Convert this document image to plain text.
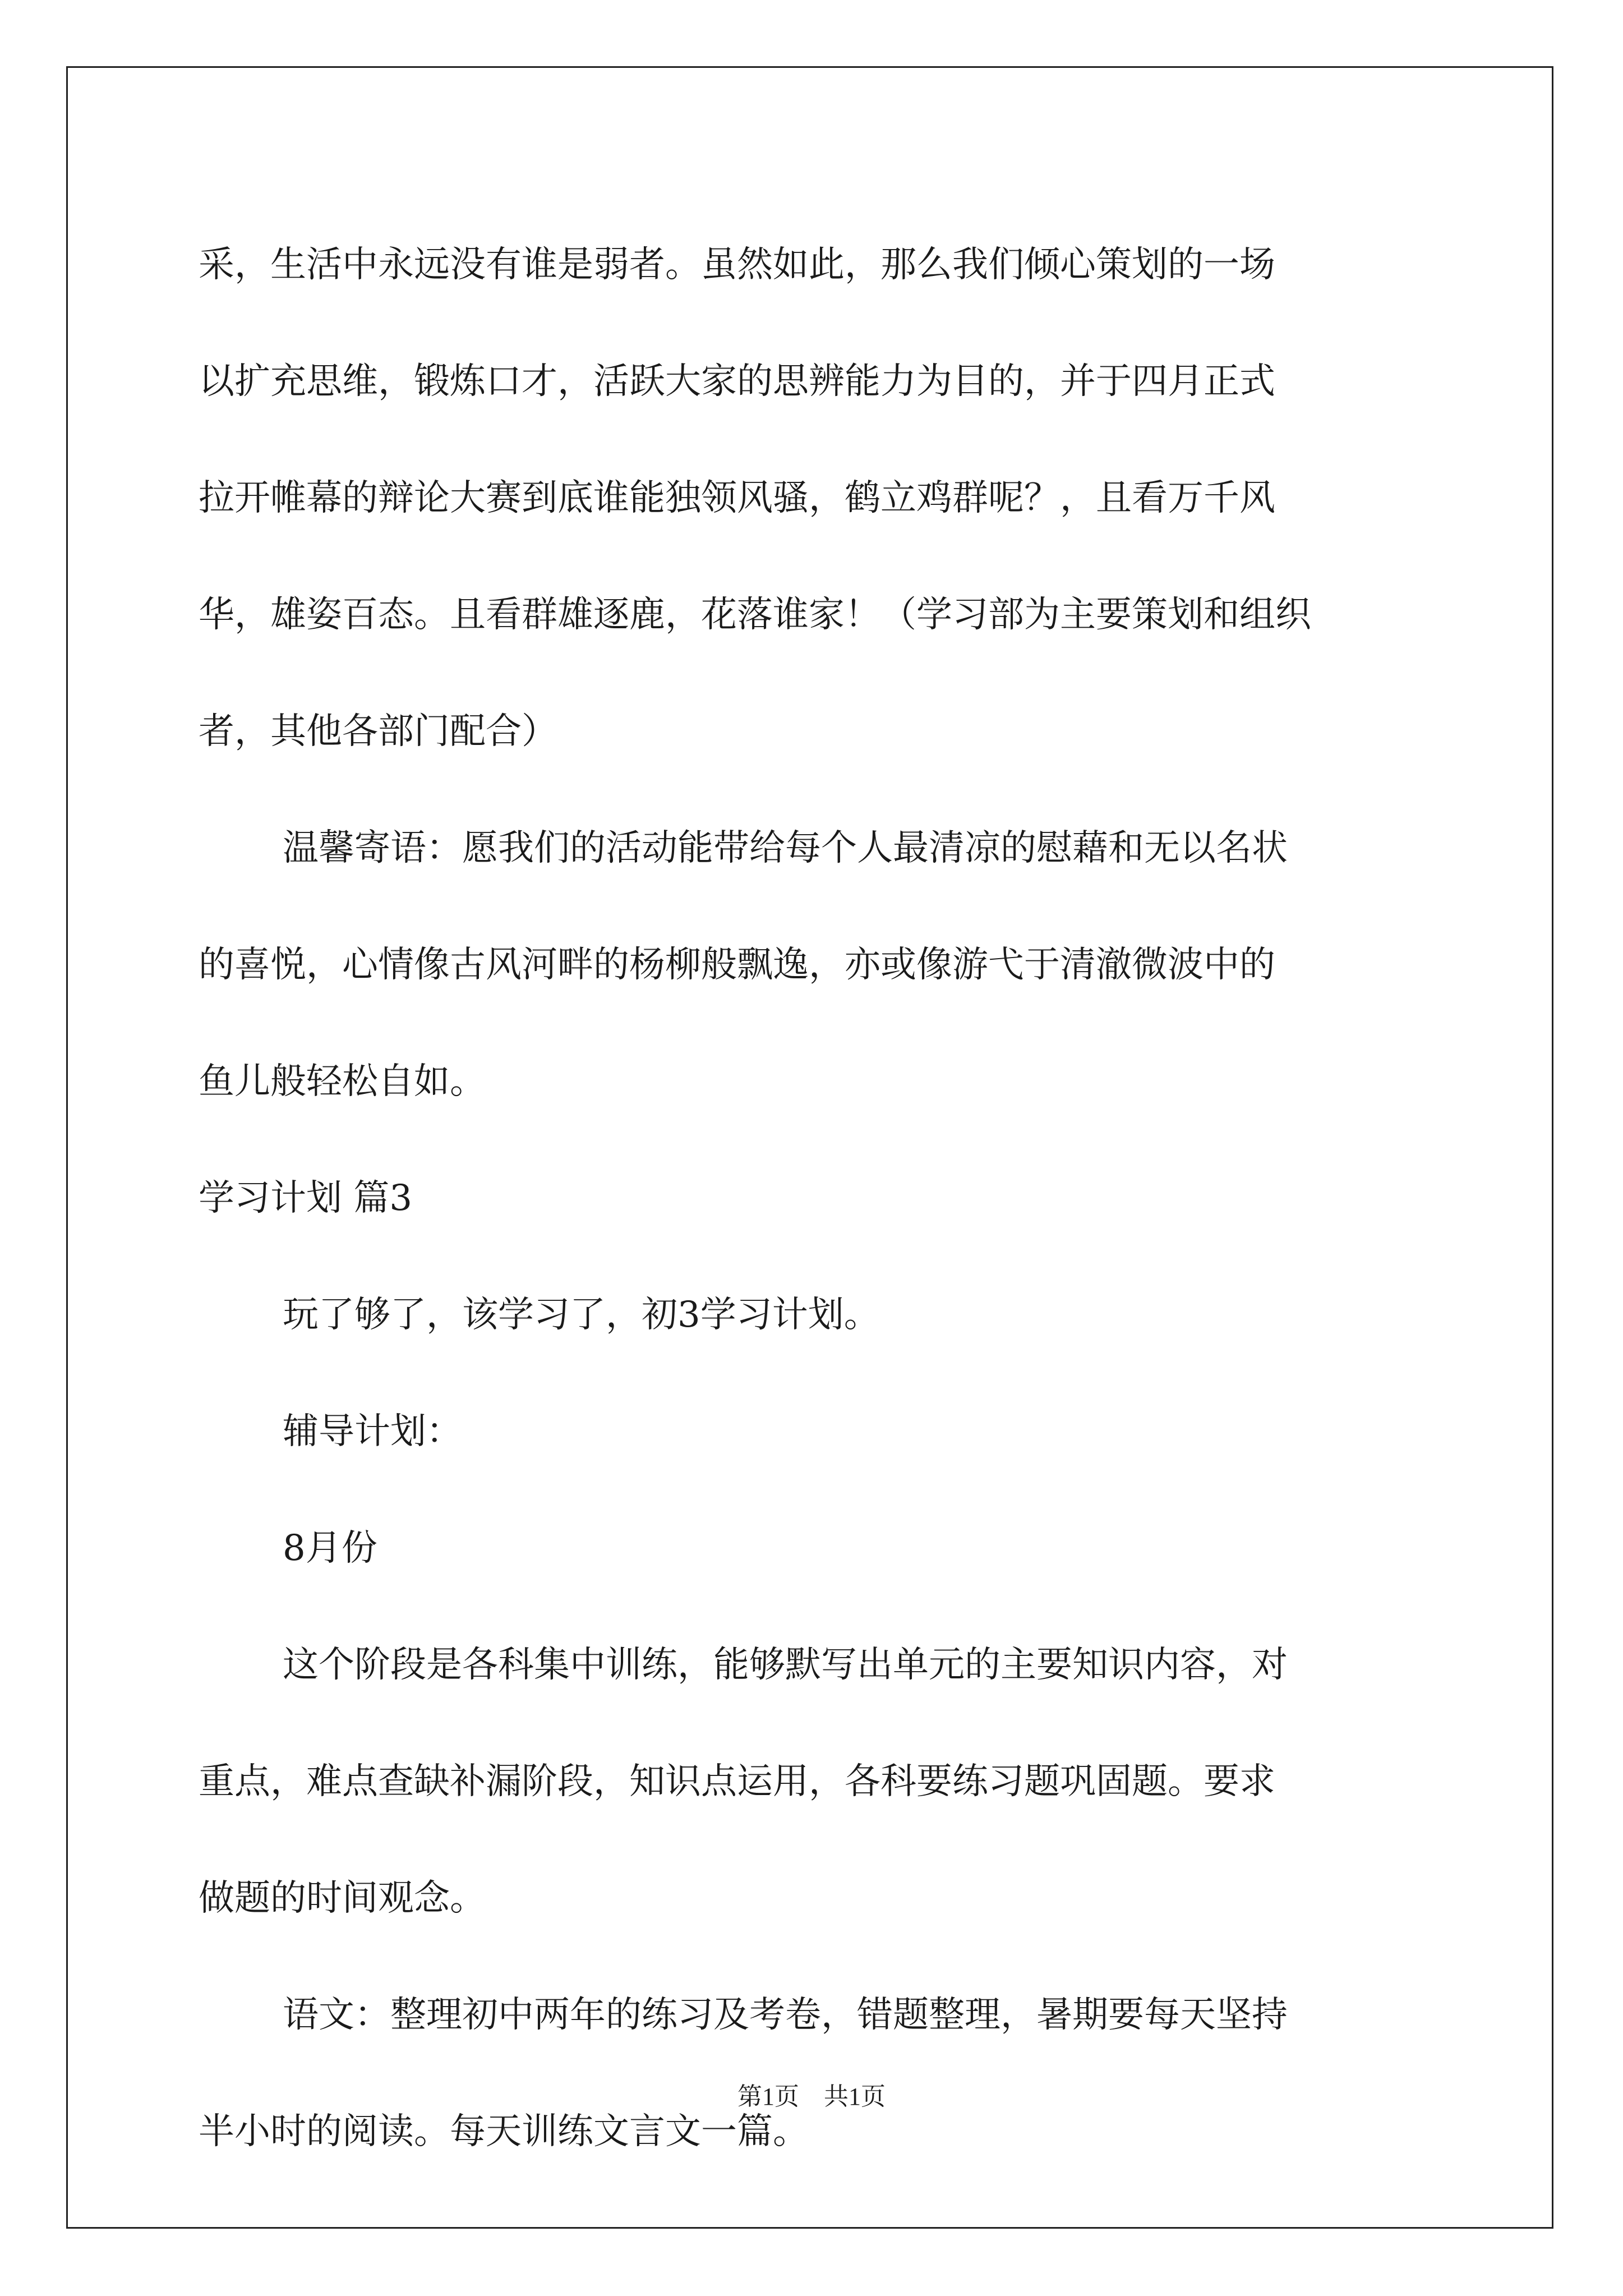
采，生活中永远没有谁是弱者。虽然如此，那么我们倾心策划的一场

以扩充思维，锻炼口才，活跃大家的思辨能力为目的，并于四月正式

拉开帷幕的辩论大赛到底谁能独领风骚，鹤立鸡群呢？，且看万千风

华，雄姿百态。且看群雄逐鹿，花落谁家！（学习部为主要策划和组织

者，其他各部门配合）

温馨寄语：愿我们的活动能带给每个人最清凉的慰藉和无以名状

的喜悦，心情像古风河畔的杨柳般飘逸，亦或像游弋于清澈微波中的

鱼儿般轻松自如。

学习计划 篇3

玩了够了，该学习了，初3学习计划。

辅导计划：

8月份

这个阶段是各科集中训练，能够默写出单元的主要知识内容，对

重点，难点查缺补漏阶段，知识点运用，各科要练习题巩固题。要求

做题的时间观念。

语文：整理初中两年的练习及考卷，错题整理，暑期要每天坚持

半小时的阅读。每天训练文言文一篇。

第1页　共1页
